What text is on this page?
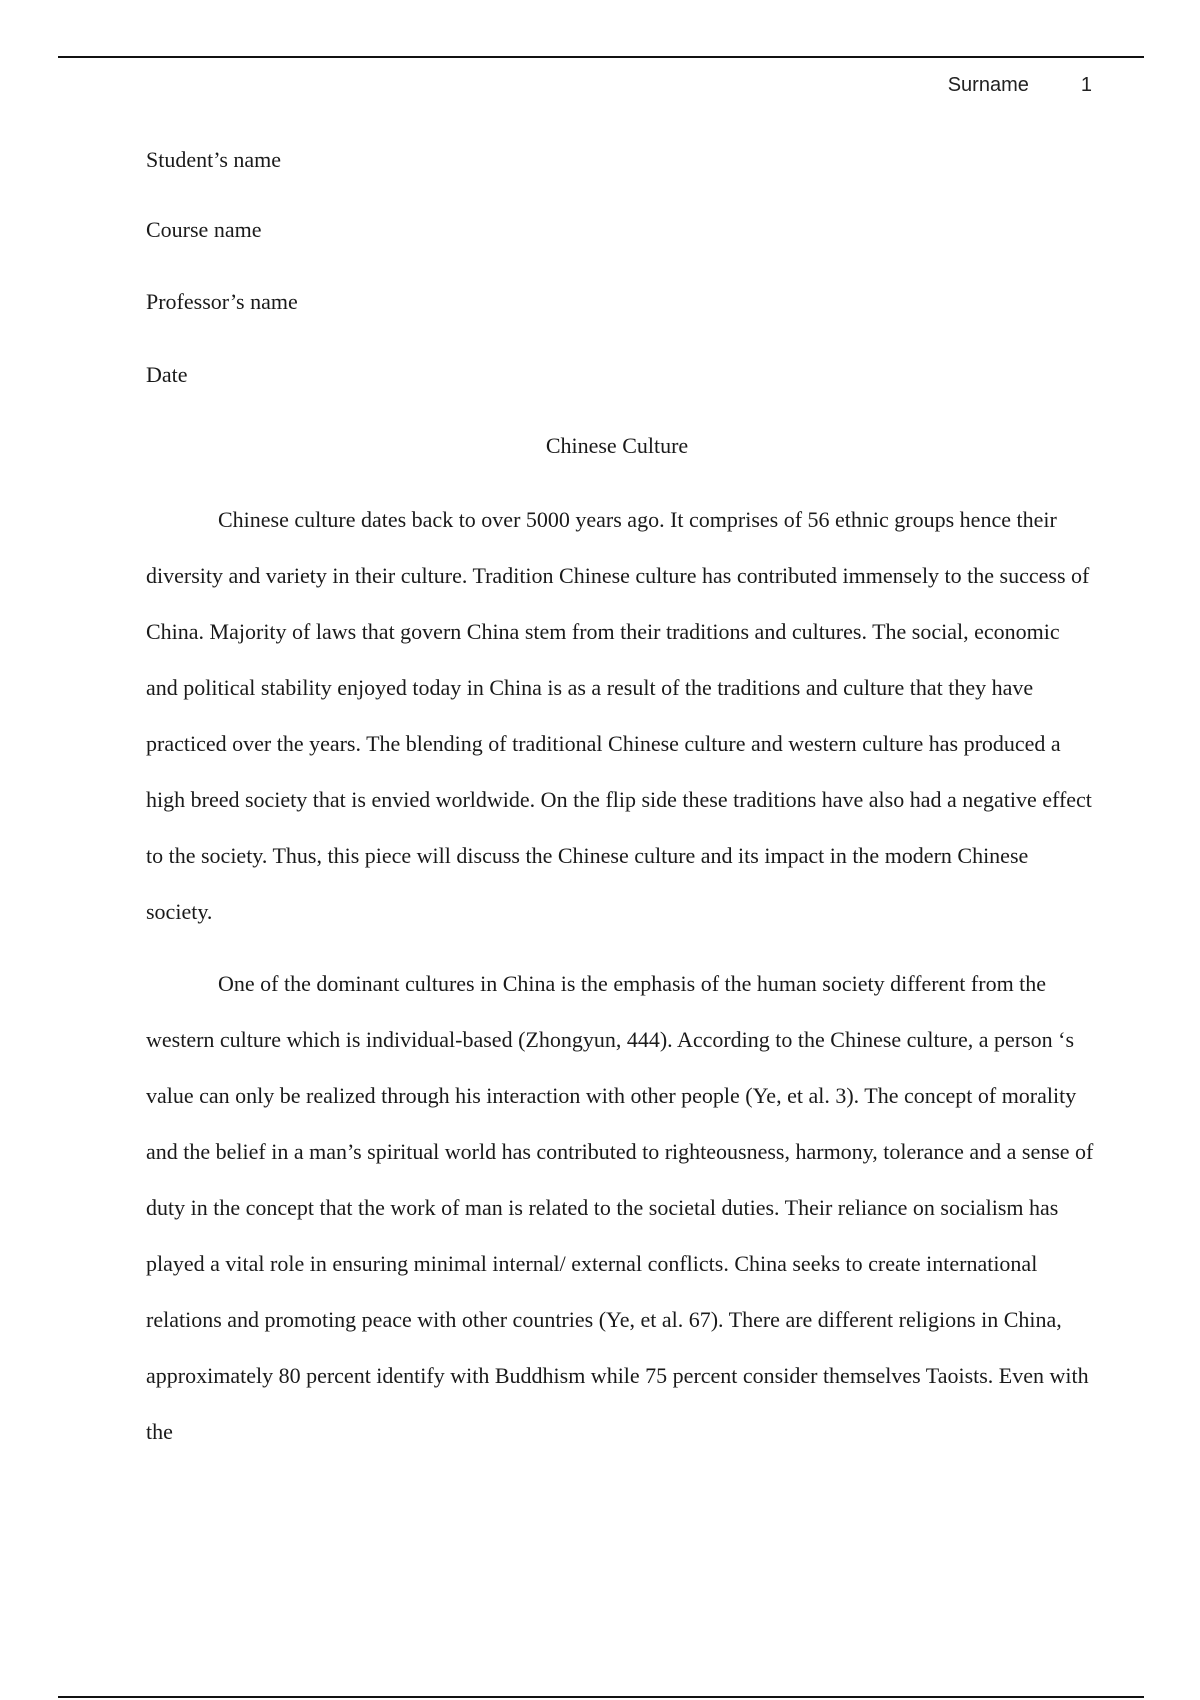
Surname	1
Student’s name
Course name
Professor’s name
Date
Chinese Culture

Chinese culture dates back to over 5000 years ago. It comprises of 56 ethnic groups hence their diversity and variety in their culture. Tradition Chinese culture has contributed immensely to the success of China. Majority of laws that govern China stem from their traditions and cultures. The social, economic and political stability enjoyed today in China is as a result of the traditions and culture that they have practiced over the years. The blending of traditional Chinese culture and western culture has produced a high breed society that is envied worldwide. On the flip side these traditions have also had a negative effect to the society. Thus, this piece will discuss the Chinese culture and its impact in the modern Chinese society.

One of the dominant cultures in China is the emphasis of the human society different from the western culture which is individual-based (Zhongyun, 444). According to the Chinese culture, a person ‘s value can only be realized through his interaction with other people (Ye, et al. 3). The concept of morality and the belief in a man’s spiritual world has contributed to righteousness, harmony, tolerance and a sense of duty in the concept that the work of man is related to the societal duties. Their reliance on socialism has played a vital role in ensuring minimal internal/ external conflicts. China seeks to create international relations and promoting peace with other countries (Ye, et al. 67). There are different religions in China, approximately 80 percent identify with Buddhism while 75 percent consider themselves Taoists. Even with the
